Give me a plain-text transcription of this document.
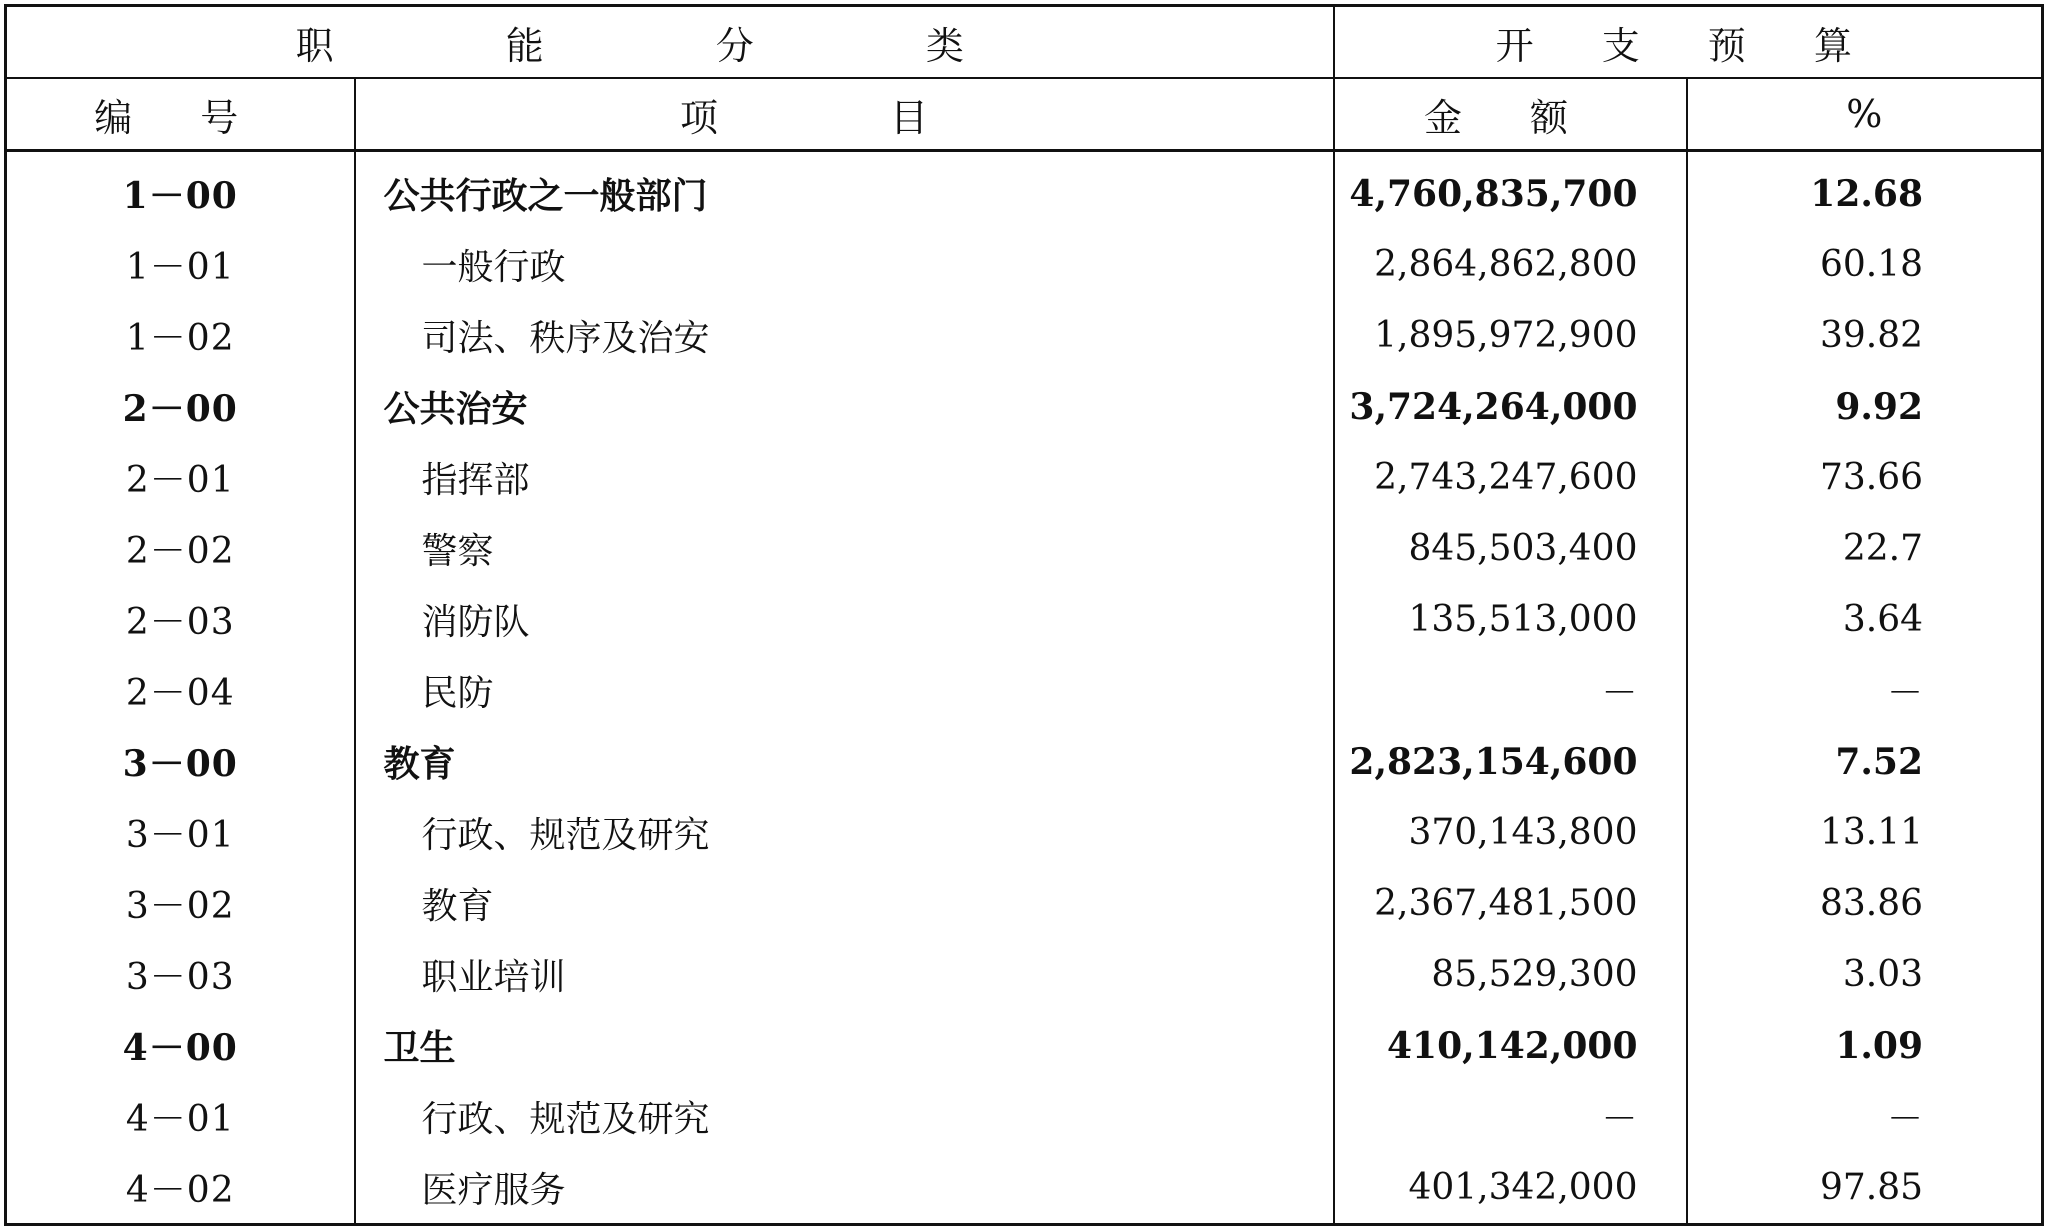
职 能 分 类		开 支 预 算	
编 号	项 目	金 额	%
1－00	公共行政之一般部门	4,760,835,700	12.68
1－01	一般行政	2,864,862,800	60.18
1－02	司法、秩序及治安	1,895,972,900	39.82
2－00	公共治安	3,724,264,000	9.92
2－01	指挥部	2,743,247,600	73.66
2－02	警察	845,503,400	22.7
2－03	消防队	135,513,000	3.64
2－04	民防	－	－
3－00	教育	2,823,154,600	7.52
3－01	行政、规范及研究	370,143,800	13.11
3－02	教育	2,367,481,500	83.86
3－03	职业培训	85,529,300	3.03
4－00	卫生	410,142,000	1.09
4－01	行政、规范及研究	－	－
4－02	医疗服务	401,342,000	97.85
